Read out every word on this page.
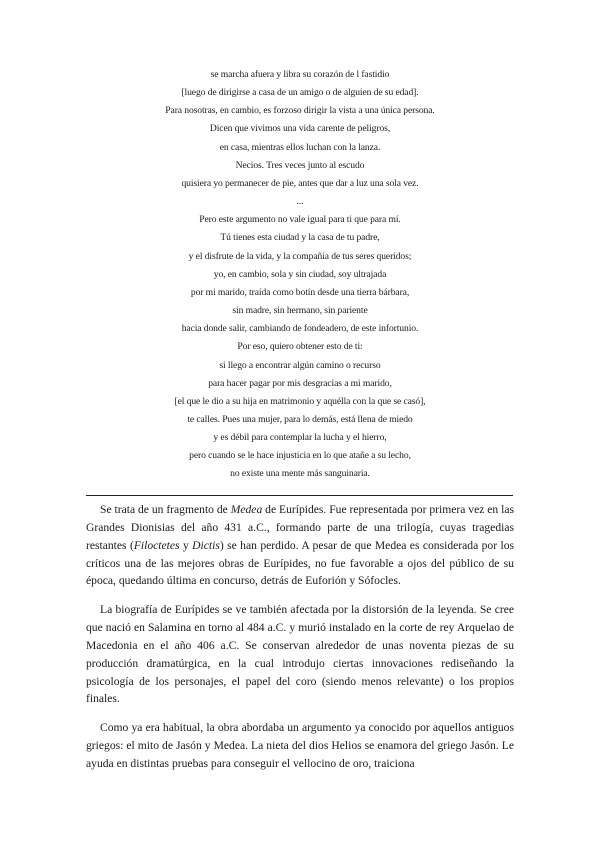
se marcha afuera y libra su corazón de l fastidio
[luego de dirigirse a casa de un amigo o de alguien de su edad].
Para nosotras, en cambio, es forzoso dirigir la vista a una única persona.
Dicen que vivimos una vida carente de peligros,
en casa, mientras ellos luchan con la lanza.
Necios. Tres veces junto al escudo
quisiera yo permanecer de pie, antes que dar a luz una sola vez.
...
Pero este argumento no vale igual para ti que para mí.
Tú tienes esta ciudad y la casa de tu padre,
y el disfrute de la vida, y la compañía de tus seres queridos;
yo, en cambio, sola y sin ciudad, soy ultrajada
por mi marido, traída como botín desde una tierra bárbara,
sin madre, sin hermano, sin pariente
hacia donde salir, cambiando de fondeadero, de este infortunio.
Por eso, quiero obtener esto de ti:
si llego a encontrar algún camino o recurso
para hacer pagar por mis desgracias a mi marido,
[el que le dio a su hija en matrimonio y aquélla con la que se casó],
te calles. Pues una mujer, para lo demás, está llena de miedo
y es débil para contemplar la lucha y el hierro,
pero cuando se le hace injusticia en lo que atañe a su lecho,
no existe una mente más sanguinaria.

Se trata de un fragmento de Medea de Eurípides. Fue representada por primera vez en las Grandes Dionisias del año 431 a.C., formando parte de una trilogía, cuyas tragedias restantes (Filoctetes y Dictis) se han perdido. A pesar de que Medea es considerada por los críticos una de las mejores obras de Eurípides, no fue favorable a ojos del público de su época, quedando última en concurso, detrás de Euforión y Sófocles.

La biografía de Eurípides se ve también afectada por la distorsión de la leyenda. Se cree que nació en Salamina en torno al 484 a.C. y murió instalado en la corte de rey Arquelao de Macedonia en el año 406 a.C. Se conservan alrededor de unas noventa piezas de su producción dramatúrgica, en la cual introdujo ciertas innovaciones rediseñando la psicología de los personajes, el papel del coro (siendo menos relevante) o los propios finales.

Como ya era habitual, la obra abordaba un argumento ya conocido por aquellos antiguos griegos: el mito de Jasón y Medea. La nieta del dios Helios se enamora del griego Jasón. Le ayuda en distintas pruebas para conseguir el vellocino de oro, traiciona
